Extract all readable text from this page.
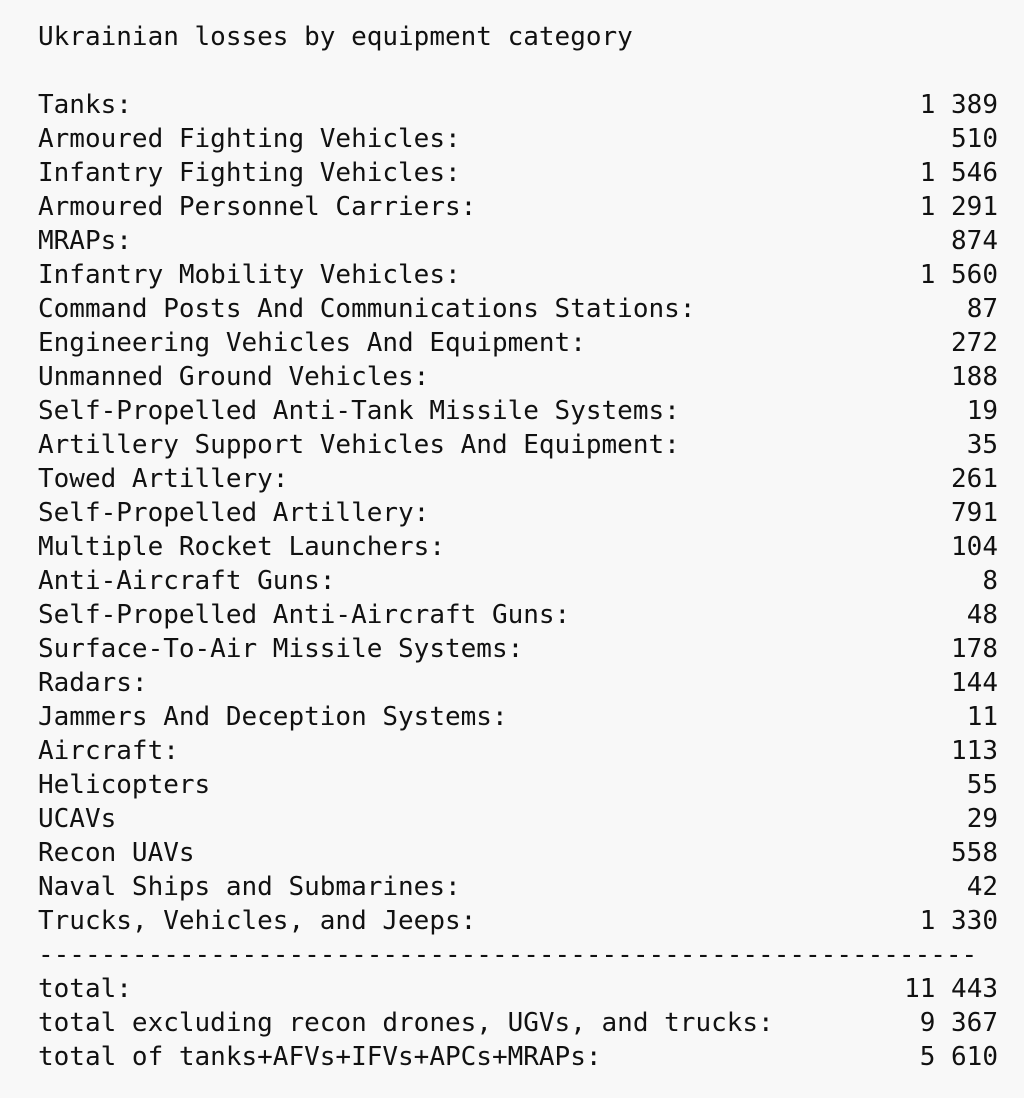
Ukrainian losses by equipment category
Tanks:	1 389
Armoured Fighting Vehicles:	510
Infantry Fighting Vehicles:	1 546
Armoured Personnel Carriers:	1 291
MRAPs:	874
Infantry Mobility Vehicles:	1 560
Command Posts And Communications Stations:	87
Engineering Vehicles And Equipment:	272
Unmanned Ground Vehicles:	188
Self-Propelled Anti-Tank Missile Systems:	19
Artillery Support Vehicles And Equipment:	35
Towed Artillery:	261
Self-Propelled Artillery:	791
Multiple Rocket Launchers:	104
Anti-Aircraft Guns:	8
Self-Propelled Anti-Aircraft Guns:	48
Surface-To-Air Missile Systems:	178
Radars:	144
Jammers And Deception Systems:	11
Aircraft:	113
Helicopters	55
UCAVs	29
Recon UAVs	558
Naval Ships and Submarines:	42
Trucks, Vehicles, and Jeeps:	1 330
------------------------------------------------------------
total:	11 443
total excluding recon drones, UGVs, and trucks:	9 367
total of tanks+AFVs+IFVs+APCs+MRAPs:	5 610
